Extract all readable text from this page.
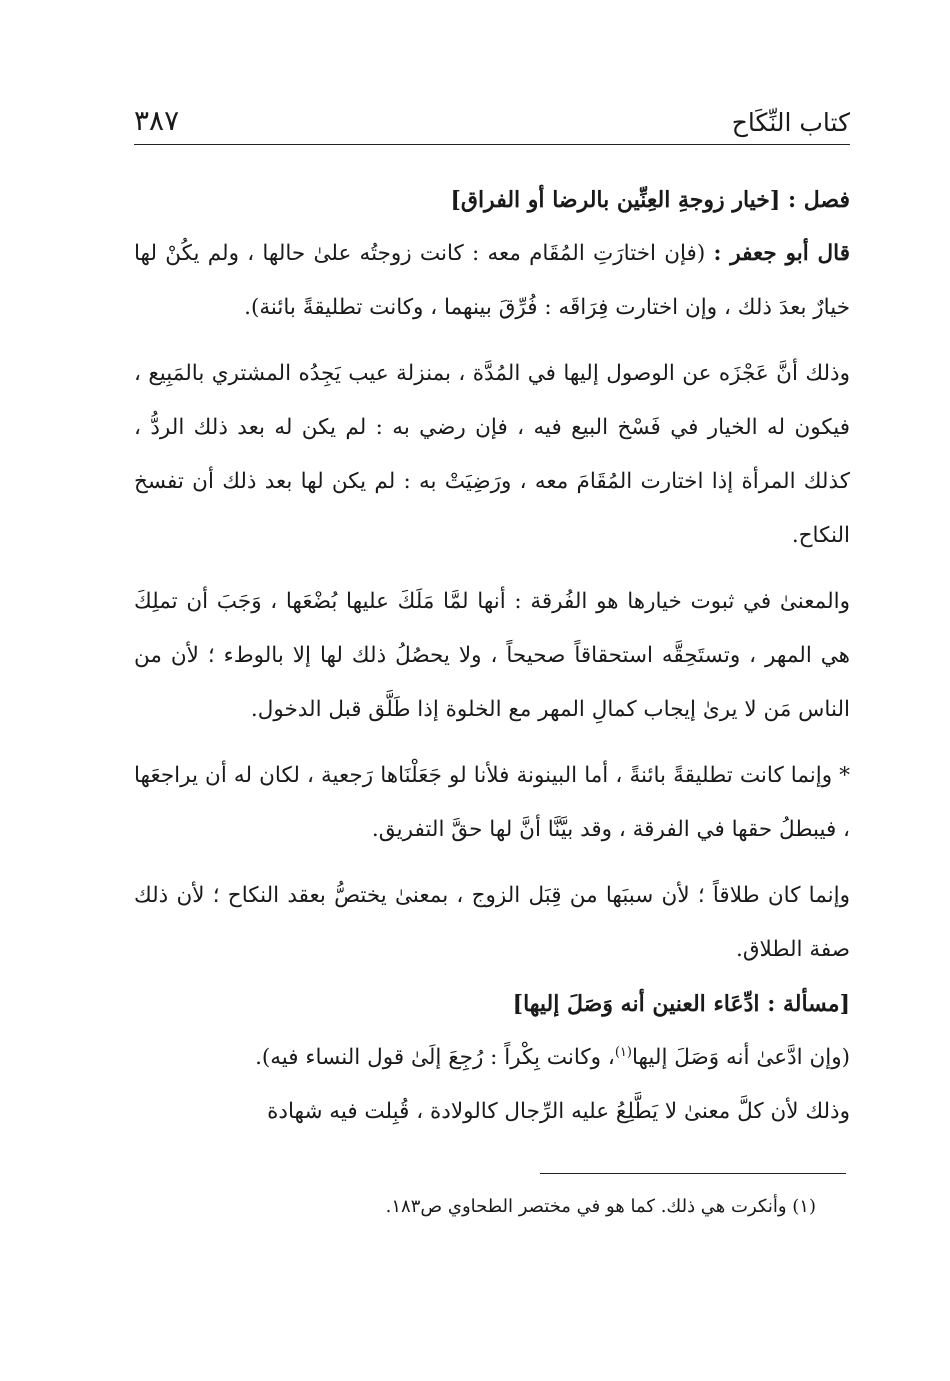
كتاب النِّكَاح
٣٨٧

فصل : [خيار زوجةِ العِنِّين بالرضا أو الفراق]

قال أبو جعفر : (فإن اختارَتِ المُقَام معه : كانت زوجتُه علىٰ حالها ، ولم يكُنْ لها خيارٌ بعدَ ذلك ، وإن اختارت فِرَاقَه : فُرِّقَ بينهما ، وكانت تطليقةً بائنة).

وذلك أنَّ عَجْزَه عن الوصول إليها في المُدَّة ، بمنزلة عيب يَجِدُه المشتري بالمَبِيع ، فيكون له الخيار في فَسْخ البيع فيه ، فإن رضي به : لم يكن له بعد ذلك الردُّ ، كذلك المرأة إذا اختارت المُقَامَ معه ، ورَضِيَتْ به : لم يكن لها بعد ذلك أن تفسخ النكاح.

والمعنىٰ في ثبوت خيارها هو الفُرقة : أنها لمَّا مَلَكَ عليها بُضْعَها ، وَجَبَ أن تملِكَ هي المهر ، وتستَحِقَّه استحقاقاً صحيحاً ، ولا يحصُلُ ذلك لها إلا بالوطء ؛ لأن من الناس مَن لا يرىٰ إيجاب كمالِ المهر مع الخلوة إذا طَلَّق قبل الدخول.

* وإنما كانت تطليقةً بائنةً ، أما البينونة فلأنا لو جَعَلْنَاها رَجعية ، لكان له أن يراجعَها ، فيبطلُ حقها في الفرقة ، وقد بيَّنَّا أنَّ لها حقَّ التفريق.

وإنما كان طلاقاً ؛ لأن سببَها من قِبَل الزوج ، بمعنىٰ يختصُّ بعقد النكاح ؛ لأن ذلك صفة الطلاق.

[مسألة : ادِّعَاء العنين أنه وَصَلَ إليها]

(وإن ادَّعىٰ أنه وَصَلَ إليها$^{(١)}$، وكانت بِكْراً : رُجِعَ إلَىٰ قول النساء فيه).

وذلك لأن كلَّ معنىٰ لا يَطَّلِعُ عليه الرِّجال كالولادة ، قُبِلت فيه شهادة

(١) وأنكرت هي ذلك. كما هو في مختصر الطحاوي ص١٨٣.
